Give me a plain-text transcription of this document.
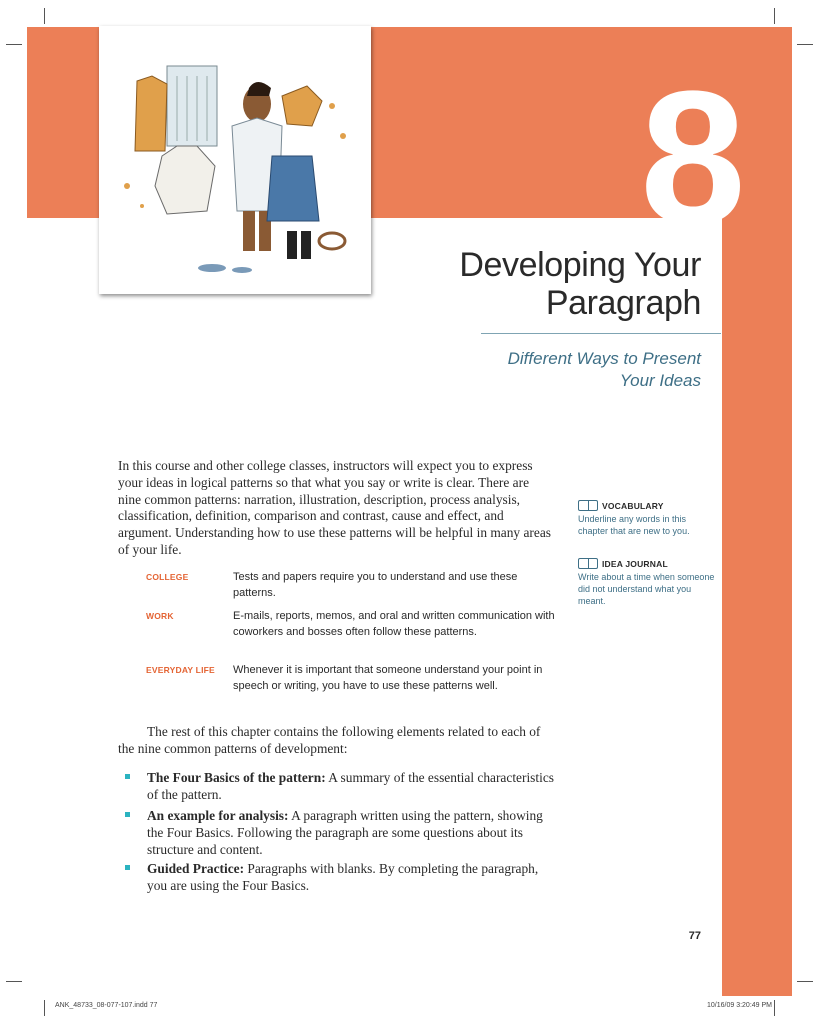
8
Developing Your
Paragraph
Different Ways to Present
Your Ideas

In this course and other college classes, instructors will expect you to express your ideas in logical patterns so that what you say or write is clear. There are nine common patterns: narration, illustration, description, process analysis, classification, definition, comparison and contrast, cause and effect, and argument. Understanding how to use these patterns will be helpful in many areas of your life.

COLLEGE	Tests and papers require you to understand and use these patterns.
WORK	E-mails, reports, memos, and oral and written communication with coworkers and bosses often follow these patterns.
EVERYDAY LIFE	Whenever it is important that someone understand your point in speech or writing, you have to use these patterns well.

The rest of this chapter contains the following elements related to each of the nine common patterns of development:

The Four Basics of the pattern: A summary of the essential characteristics of the pattern.
An example for analysis: A paragraph written using the pattern, showing the Four Basics. Following the paragraph are some questions about its structure and content.
Guided Practice: Paragraphs with blanks. By completing the paragraph, you are using the Four Basics.
VOCABULARY
Underline any words in this chapter that are new to you.
IDEA JOURNAL
Write about a time when someone did not understand what you meant.
77
ANK_48733_08-077-107.indd 77	10/16/09 3:20:49 PM
